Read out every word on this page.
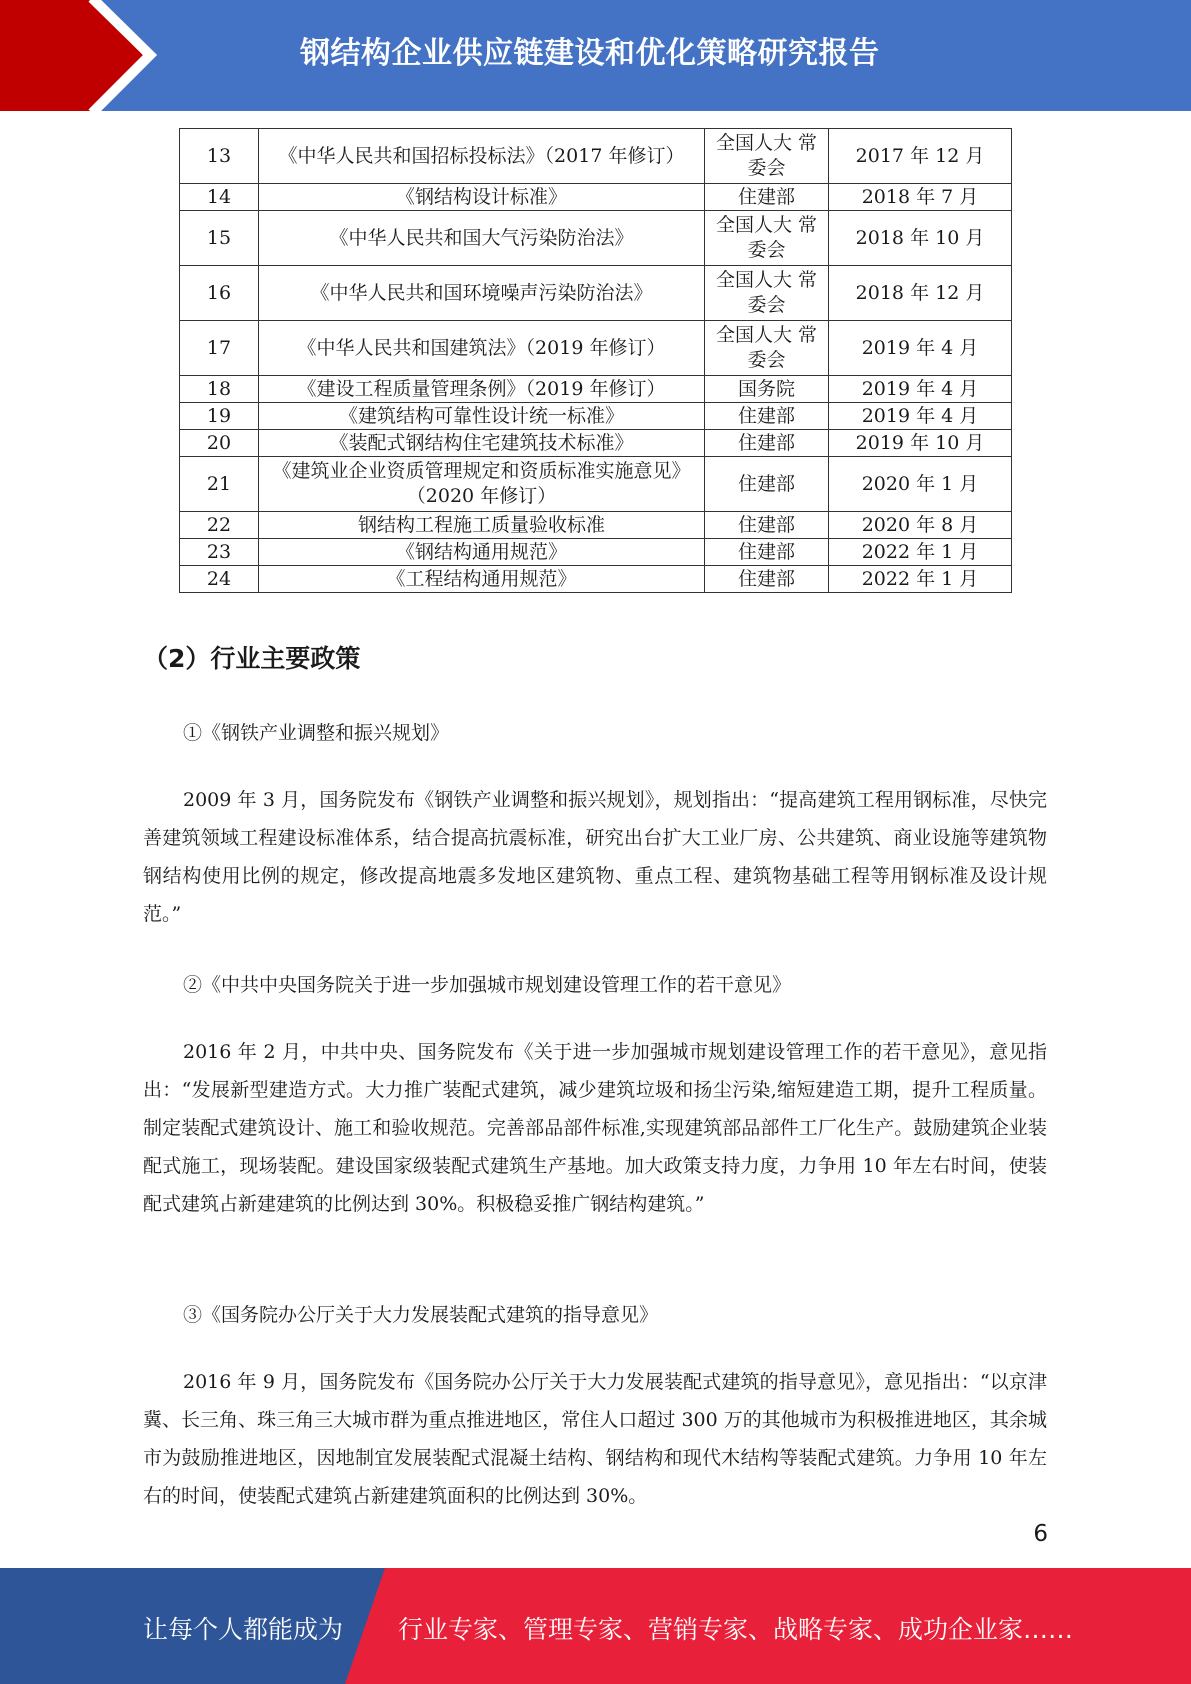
钢结构企业供应链建设和优化策略研究报告
13	《中华人民共和国招标投标法》（2017 年修订）	全国人大 常委会	2017 年 12 月
14	《钢结构设计标准》	住建部	2018 年 7 月
15	《中华人民共和国大气污染防治法》	全国人大 常委会	2018 年 10 月
16	《中华人民共和国环境噪声污染防治法》	全国人大 常委会	2018 年 12 月
17	《中华人民共和国建筑法》（2019 年修订）	全国人大 常委会	2019 年 4 月
18	《建设工程质量管理条例》（2019 年修订）	国务院	2019 年 4 月
19	《建筑结构可靠性设计统一标准》	住建部	2019 年 4 月
20	《装配式钢结构住宅建筑技术标准》	住建部	2019 年 10 月
21	《建筑业企业资质管理规定和资质标准实施意见》（2020 年修订）	住建部	2020 年 1 月
22	钢结构工程施工质量验收标准	住建部	2020 年 8 月
23	《钢结构通用规范》	住建部	2022 年 1 月
24	《工程结构通用规范》	住建部	2022 年 1 月
（2）行业主要政策
①《钢铁产业调整和振兴规划》

2009 年 3 月，国务院发布《钢铁产业调整和振兴规划》，规划指出：“提高建筑工程用钢标准，尽快完善建筑领域工程建设标准体系，结合提高抗震标准，研究出台扩大工业厂房、公共建筑、商业设施等建筑物钢结构使用比例的规定，修改提高地震多发地区建筑物、重点工程、建筑物基础工程等用钢标准及设计规范。”

②《中共中央国务院关于进一步加强城市规划建设管理工作的若干意见》

2016 年 2 月，中共中央、国务院发布《关于进一步加强城市规划建设管理工作的若干意见》，意见指出：“发展新型建造方式。大力推广装配式建筑，减少建筑垃圾和扬尘污染,缩短建造工期，提升工程质量。制定装配式建筑设计、施工和验收规范。完善部品部件标准,实现建筑部品部件工厂化生产。鼓励建筑企业装配式施工，现场装配。建设国家级装配式建筑生产基地。加大政策支持力度，力争用 10 年左右时间，使装配式建筑占新建建筑的比例达到 30%。积极稳妥推广钢结构建筑。”

③《国务院办公厅关于大力发展装配式建筑的指导意见》

2016 年 9 月，国务院发布《国务院办公厅关于大力发展装配式建筑的指导意见》，意见指出：“以京津冀、长三角、珠三角三大城市群为重点推进地区，常住人口超过 300 万的其他城市为积极推进地区，其余城市为鼓励推进地区，因地制宜发展装配式混凝土结构、钢结构和现代木结构等装配式建筑。力争用 10 年左右的时间，使装配式建筑占新建建筑面积的比例达到 30%。

6
让每个人都能成为 行业专家、管理专家、营销专家、战略专家、成功企业家……
